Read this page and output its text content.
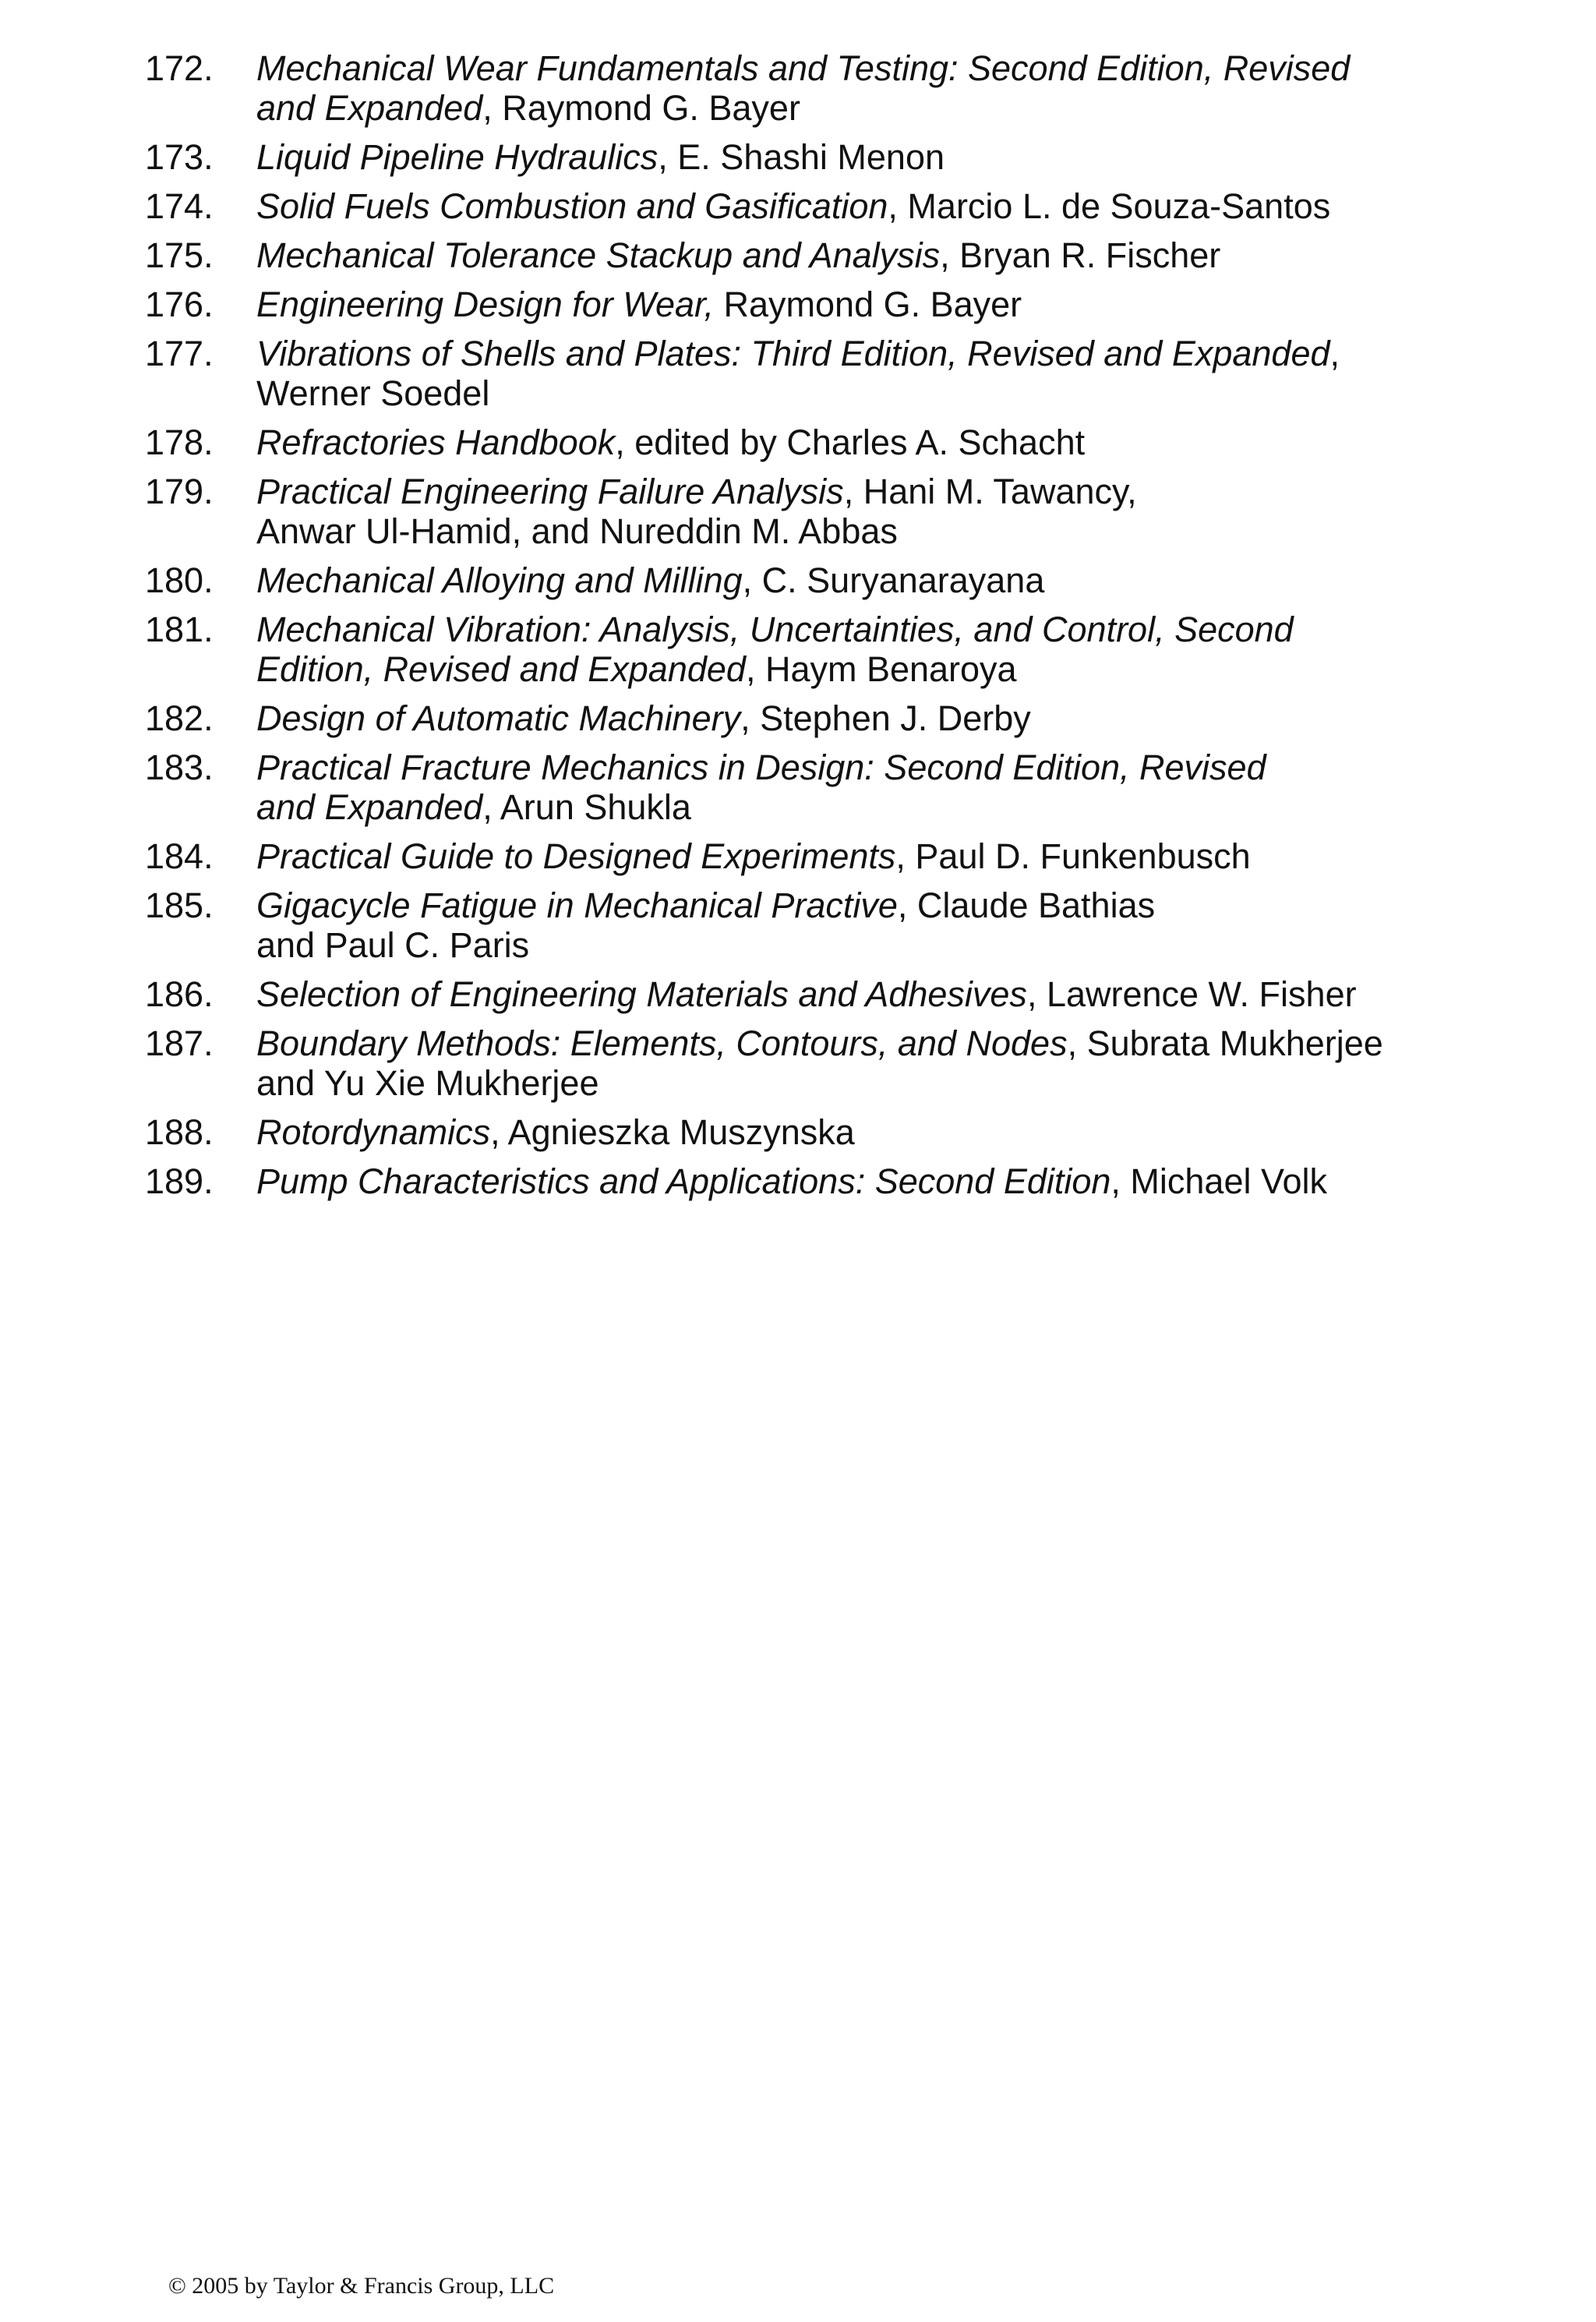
172.	Mechanical Wear Fundamentals and Testing: Second Edition, Revised
and Expanded, Raymond G. Bayer
173.	Liquid Pipeline Hydraulics, E. Shashi Menon
174.	Solid Fuels Combustion and Gasification, Marcio L. de Souza-Santos
175.	Mechanical Tolerance Stackup and Analysis, Bryan R. Fischer
176.	Engineering Design for Wear, Raymond G. Bayer
177.	Vibrations of Shells and Plates: Third Edition, Revised and Expanded,
Werner Soedel
178.	Refractories Handbook, edited by Charles A. Schacht
179.	Practical Engineering Failure Analysis, Hani M. Tawancy,
Anwar Ul-Hamid, and Nureddin M. Abbas
180.	Mechanical Alloying and Milling, C. Suryanarayana
181.	Mechanical Vibration: Analysis, Uncertainties, and Control, Second
Edition, Revised and Expanded, Haym Benaroya
182.	Design of Automatic Machinery, Stephen J. Derby
183.	Practical Fracture Mechanics in Design: Second Edition, Revised
and Expanded, Arun Shukla
184.	Practical Guide to Designed Experiments, Paul D. Funkenbusch
185.	Gigacycle Fatigue in Mechanical Practive, Claude Bathias
and Paul C. Paris
186.	Selection of Engineering Materials and Adhesives, Lawrence W. Fisher
187.	Boundary Methods: Elements, Contours, and Nodes, Subrata Mukherjee
and Yu Xie Mukherjee
188.	Rotordynamics, Agnieszka Muszynska
189.	Pump Characteristics and Applications: Second Edition, Michael Volk
© 2005 by Taylor & Francis Group, LLC
